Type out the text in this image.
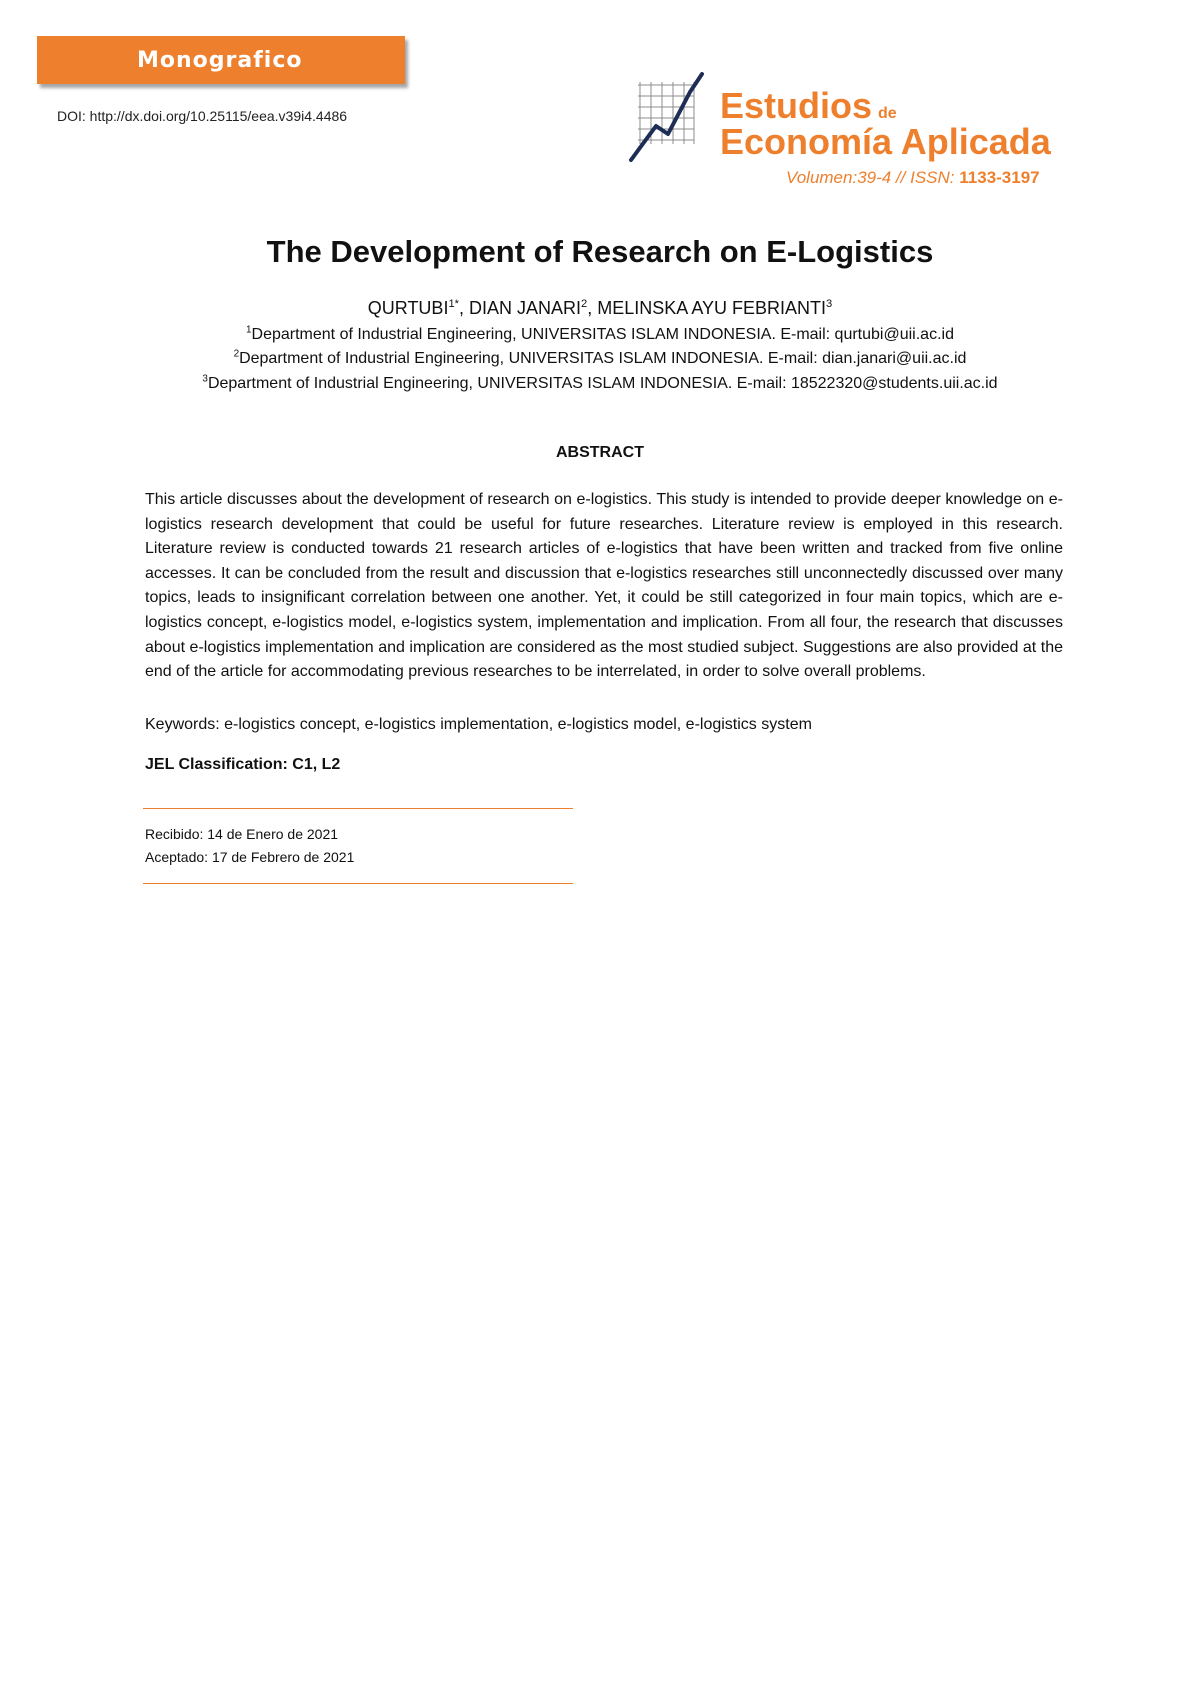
Monografico
DOI: http://dx.doi.org/10.25115/eea.v39i4.4486	Estudios de
Economía Aplicada
Volumen:39-4 // ISSN: 1133-3197
The Development of Research on E-Logistics
$QURTUBI^{1*}$, DIAN JANARI$^2$, MELINSKA AYU FEBRIANTI$^3$
$^1$Department of Industrial Engineering, UNIVERSITAS ISLAM INDONESIA. E-mail: qurtubi@uii.ac.id
$^2$Department of Industrial Engineering, UNIVERSITAS ISLAM INDONESIA. E-mail: dian.janari@uii.ac.id
$^3$Department of Industrial Engineering, UNIVERSITAS ISLAM INDONESIA. E-mail: 18522320@students.uii.ac.id
ABSTRACT
This article discusses about the development of research on e-logistics. This study is intended to provide deeper knowledge on e-logistics research development that could be useful for future researches. Literature review is employed in this research. Literature review is conducted towards 21 research articles of e-logistics that have been written and tracked from five online accesses. It can be concluded from the result and discussion that e-logistics researches still unconnectedly discussed over many topics, leads to insignificant correlation between one another. Yet, it could be still categorized in four main topics, which are e-logistics concept, e-logistics model, e-logistics system, implementation and implication. From all four, the research that discusses about e-logistics implementation and implication are considered as the most studied subject. Suggestions are also provided at the end of the article for accommodating previous researches to be interrelated, in order to solve overall problems.
Keywords: e-logistics concept, e-logistics implementation, e-logistics model, e-logistics system
JEL Classification: C1, L2
Recibido: 14 de Enero de 2021
Aceptado: 17 de Febrero de 2021
